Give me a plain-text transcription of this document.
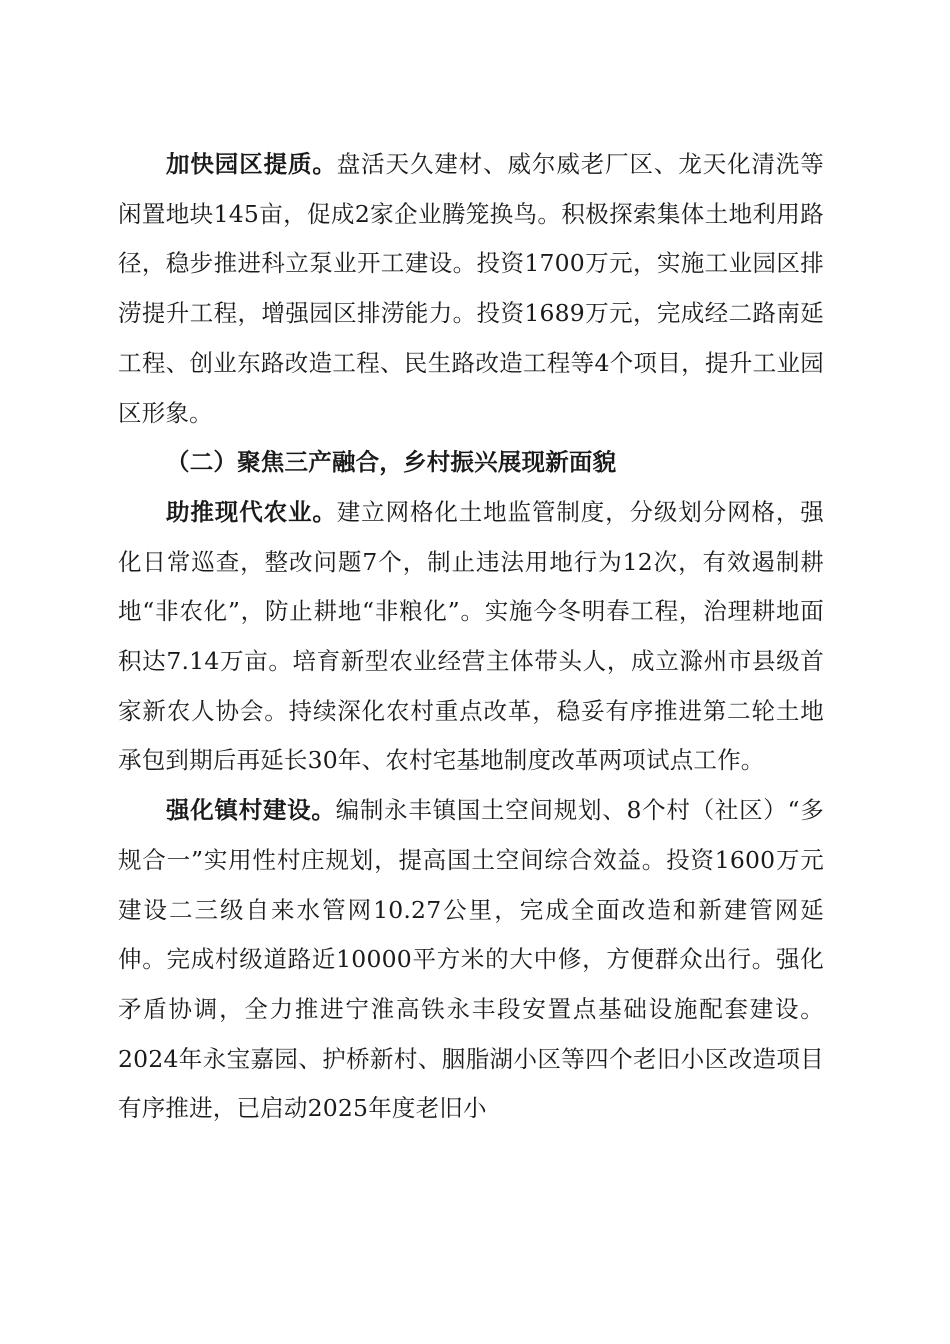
加快园区提质。盘活天久建材、威尔威老厂区、龙天化清洗等闲置地块145亩，促成2家企业腾笼换鸟。积极探索集体土地利用路径，稳步推进科立泵业开工建设。投资1700万元，实施工业园区排涝提升工程，增强园区排涝能力。投资1689万元，完成经二路南延工程、创业东路改造工程、民生路改造工程等4个项目，提升工业园区形象。

（二）聚焦三产融合，乡村振兴展现新面貌

助推现代农业。建立网格化土地监管制度，分级划分网格，强化日常巡查，整改问题7个，制止违法用地行为12次，有效遏制耕地“非农化”，防止耕地“非粮化”。实施今冬明春工程，治理耕地面积达7.14万亩。培育新型农业经营主体带头人，成立滁州市县级首家新农人协会。持续深化农村重点改革，稳妥有序推进第二轮土地承包到期后再延长30年、农村宅基地制度改革两项试点工作。

强化镇村建设。编制永丰镇国土空间规划、8个村（社区）“多规合一”实用性村庄规划，提高国土空间综合效益。投资1600万元建设二三级自来水管网10.27公里，完成全面改造和新建管网延伸。完成村级道路近10000平方米的大中修，方便群众出行。强化矛盾协调，全力推进宁淮高铁永丰段安置点基础设施配套建设。2024年永宝嘉园、护桥新村、胭脂湖小区等四个老旧小区改造项目有序推进，已启动2025年度老旧小
